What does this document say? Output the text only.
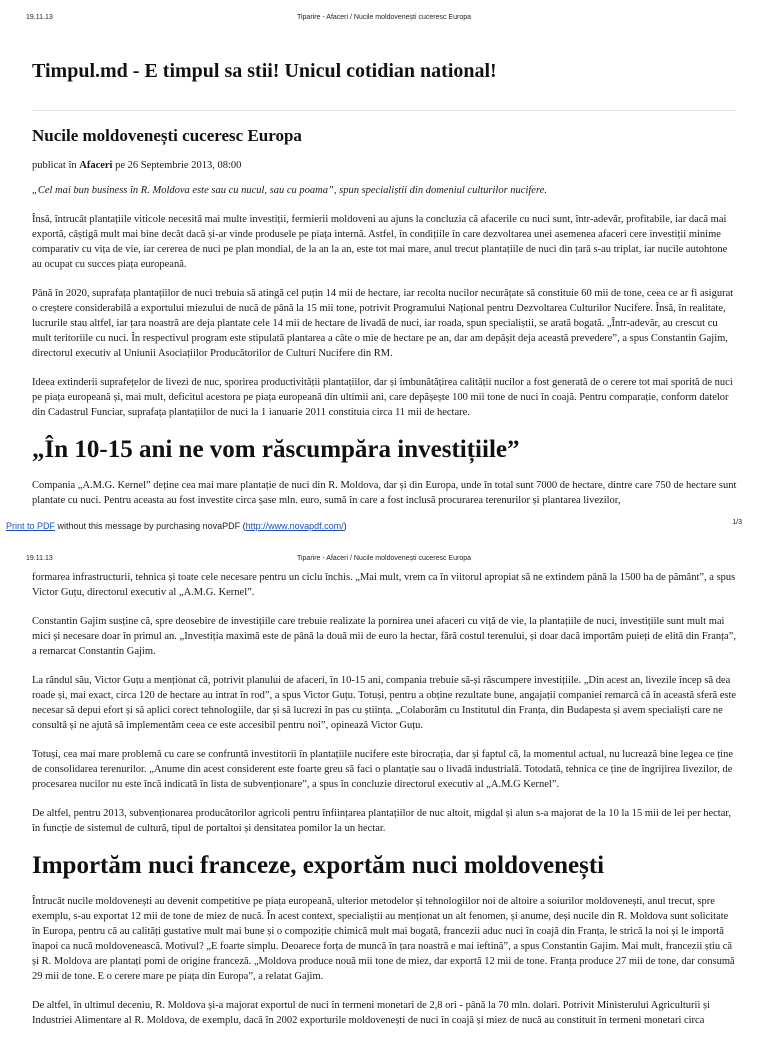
19.11.13	Tiparire - Afaceri / Nucile moldovenești cuceresc Europa
Timpul.md - E timpul sa stii! Unicul cotidian national!
Nucile moldovenești cuceresc Europa
publicat în Afaceri pe 26 Septembrie 2013, 08:00

„Cel mai bun business în R. Moldova este sau cu nucul, sau cu poama”, spun specialiștii din domeniul culturilor nucifere.

Însă, întrucât plantațiile viticole necesită mai multe investiții, fermierii moldoveni au ajuns la concluzia că afacerile cu nuci sunt, într-adevăr, profitabile, iar dacă mai exportă, câștigă mult mai bine decât dacă și-ar vinde produsele pe piața internă. Astfel, în condițiile în care dezvoltarea unei asemenea afaceri cere investiții minime comparativ cu vița de vie, iar cererea de nuci pe plan mondial, de la an la an, este tot mai mare, anul trecut plantațiile de nuci din țară s-au triplat, iar nucile autohtone au ocupat cu succes piața europeană.

Până în 2020, suprafața plantațiilor de nuci trebuia să atingă cel puțin 14 mii de hectare, iar recolta nucilor necurățate să constituie 60 mii de tone, ceea ce ar fi asigurat o creștere considerabilă a exportului miezului de nucă de până la 15 mii tone, potrivit Programului Național pentru Dezvoltarea Culturilor Nucifere. Însă, în realitate, lucrurile stau altfel, iar țara noastră are deja plantate cele 14 mii de hectare de livadă de nuci, iar roada, spun specialiștii, se arată bogată. „Într-adevăr, au crescut cu mult teritoriile cu nuci. În respectivul program este stipulată plantarea a câte o mie de hectare pe an, dar am depășit deja această prevedere”, a spus Constantin Gajim, directorul executiv al Uniunii Asociațiilor Producătorilor de Culturi Nucifere din RM.

Ideea extinderii suprafețelor de livezi de nuc, sporirea productivității plantațiilor, dar și îmbunătățirea calității nucilor a fost generată de o cerere tot mai sporită de nuci pe piața europeană și, mai mult, deficitul acestora pe piața europeană din ultimii ani, care depășește 100 mii tone de nuci în coajă. Pentru comparație, conform datelor din Cadastrul Funciar, suprafața plantațiilor de nuci la 1 ianuarie 2011 constituia circa 11 mii de hectare.

„În 10-15 ani ne vom răscumpăra investițiile”

Compania „A.M.G. Kernel” deține cea mai mare plantație de nuci din R. Moldova, dar și din Europa, unde în total sunt 7000 de hectare, dintre care 750 de hectare sunt plantate cu nuci. Pentru aceasta au fost investite circa șase mln. euro, sumă în care a fost inclusă procurarea terenurilor și plantarea livezilor,

Print to PDF without this message by purchasing novaPDF (http://www.novapdf.com/)	1/3
19.11.13	Tiparire - Afaceri / Nucile moldovenești cuceresc Europa

formarea infrastructurii, tehnica și toate cele necesare pentru un ciclu închis. „Mai mult, vrem ca în viitorul apropiat să ne extindem până la 1500 ha de pământ”, a spus Victor Guțu, directorul executiv al „A.M.G. Kernel”.

Constantin Gajim susține că, spre deosebire de investițiile care trebuie realizate la pornirea unei afaceri cu viță de vie, la plantațiile de nuci, investițiile sunt mult mai mici și necesare doar în primul an. „Investiția maximă este de până la două mii de euro la hectar, fără costul terenului, și doar dacă importăm puieți de elită din Franța”, a remarcat Constantin Gajim.

La rândul său, Victor Guțu a menționat că, potrivit planului de afaceri, în 10-15 ani, compania trebuie să-și răscumpere investițiile. „Din acest an, livezile încep să dea roade și, mai exact, circa 120 de hectare au intrat în rod”, a spus Victor Guțu. Totuși, pentru a obține rezultate bune, angajații companiei remarcă că în această sferă este necesar să depui efort și să aplici corect tehnologiile, dar și să lucrezi în pas cu știința. „Colaborăm cu Institutul din Franța, din Budapesta și avem specialiști care ne consultă și ne ajută să implementăm ceea ce este accesibil pentru noi”, opinează Victor Guțu.

Totuși, cea mai mare problemă cu care se confruntă investitorii în plantațiile nucifere este birocrația, dar și faptul că, la momentul actual, nu lucrează bine legea ce ține de consolidarea terenurilor. „Anume din acest considerent este foarte greu să faci o plantație sau o livadă industrială. Totodată, tehnica ce ține de îngrijirea livezilor, de procesarea nucilor nu este încă indicată în lista de subvenționare”, a spus în concluzie directorul executiv al „A.M.G Kernel”.

De altfel, pentru 2013, subvenționarea producătorilor agricoli pentru înființarea plantațiilor de nuc altoit, migdal și alun s-a majorat de la 10 la 15 mii de lei per hectar, în funcție de sistemul de cultură, tipul de portaltoi și densitatea pomilor la un hectar.

Importăm nuci franceze, exportăm nuci moldovenești

Întrucât nucile moldovenești au devenit competitive pe piața europeană, ulterior metodelor și tehnologiilor noi de altoire a soiurilor moldovenești, anul trecut, spre exemplu, s-au exportat 12 mii de tone de miez de nucă. În acest context, specialiștii au menționat un alt fenomen, și anume, deși nucile din R. Moldova sunt solicitate în Europa, pentru că au calități gustative mult mai bune și o compoziție chimică mult mai bogată, francezii aduc nuci în coajă din Franța, le strică la noi și le importă înapoi ca nucă moldovenească. Motivul? „E foarte simplu. Deoarece forța de muncă în țara noastră e mai ieftină”, a spus Constantin Gajim. Mai mult, francezii știu că și R. Moldova are plantați pomi de origine franceză. „Moldova produce nouă mii tone de miez, dar exportă 12 mii de tone. Franța produce 27 mii de tone, dar consumă 29 mii de tone. E o cerere mare pe piața din Europa”, a relatat Gajim.

De altfel, în ultimul deceniu, R. Moldova și-a majorat exportul de nuci în termeni monetari de 2,8 ori - până la 70 mln. dolari. Potrivit Ministerului Agriculturii și Industriei Alimentare al R. Moldova, de exemplu, dacă în 2002 exporturile moldovenești de nuci în coajă și miez de nucă au constituit în termeni monetari circa
